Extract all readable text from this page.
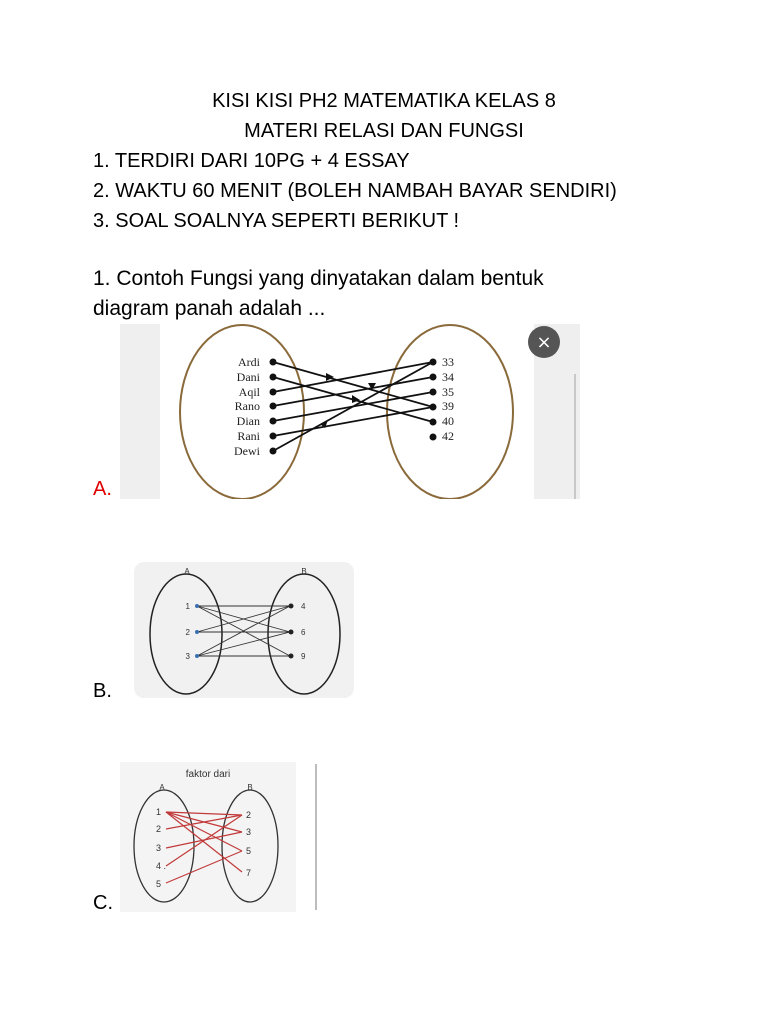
KISI KISI PH2 MATEMATIKA KELAS 8
MATERI RELASI DAN FUNGSI
1. TERDIRI DARI 10PG + 4 ESSAY
2. WAKTU 60 MENIT (BOLEH NAMBAH BAYAR SENDIRI)
3. SOAL SOALNYA SEPERTI BERIKUT !
1. Contoh Fungsi yang dinyatakan dalam bentuk
diagram panah adalah ...
A.
Ardi
Dani
Aqil
Rano
Dian
Rani
Dewi
33
34
35
39
40
42
×
B.
A	B
1
2
3
4
6
9
C.
faktor dari
A	B
1
2
3
4 .
5
2
3
5
7
